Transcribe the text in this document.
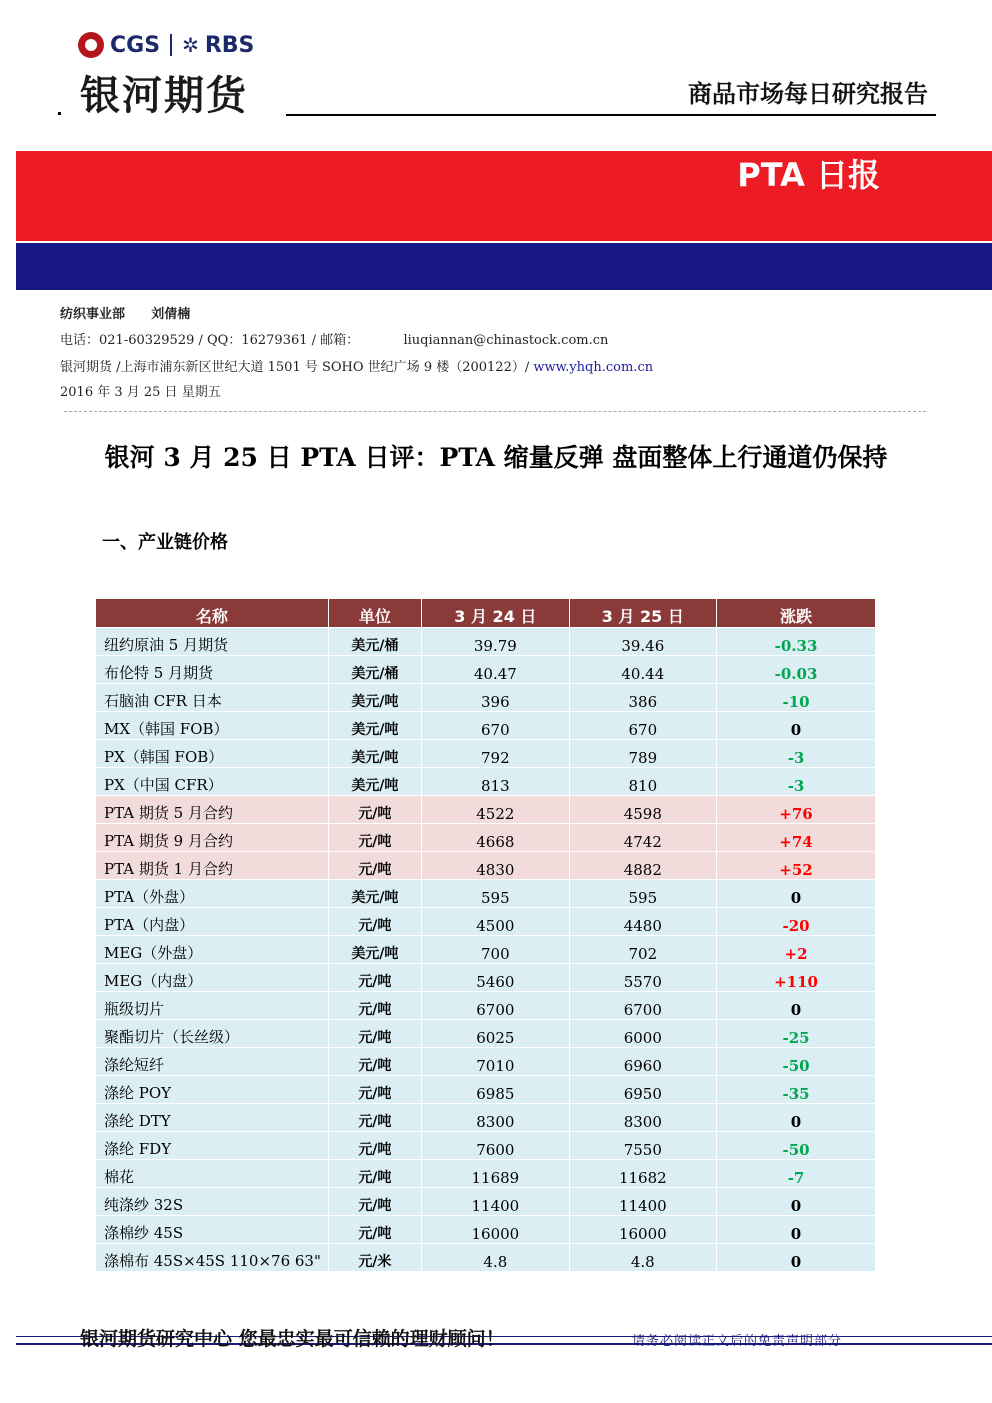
CGS ✲ RBS
银河期货	商品市场每日研究报告
PTA 日报
纺织事业部 刘倩楠
电话：021-60329529 / QQ：16279361 / 邮箱：	liuqiannan@chinastock.com.cn
银河期货 /上海市浦东新区世纪大道 1501 号 SOHO 世纪广场 9 楼（200122）/ www.yhqh.com.cn
2016 年 3 月 25 日 星期五
银河 3 月 25 日 PTA 日评：PTA 缩量反弹 盘面整体上行通道仍保持
一、产业链价格
名称	单位	3 月 24 日	3 月 25 日	涨跌
纽约原油 5 月期货	美元/桶	39.79	39.46	-0.33
布伦特 5 月期货	美元/桶	40.47	40.44	-0.03
石脑油 CFR 日本	美元/吨	396	386	-10
MX（韩国 FOB）	美元/吨	670	670	0
PX（韩国 FOB）	美元/吨	792	789	-3
PX（中国 CFR）	美元/吨	813	810	-3
PTA 期货 5 月合约	元/吨	4522	4598	+76
PTA 期货 9 月合约	元/吨	4668	4742	+74
PTA 期货 1 月合约	元/吨	4830	4882	+52
PTA（外盘）	美元/吨	595	595	0
PTA（内盘）	元/吨	4500	4480	-20
MEG（外盘）	美元/吨	700	702	+2
MEG（内盘）	元/吨	5460	5570	+110
瓶级切片	元/吨	6700	6700	0
聚酯切片（长丝级）	元/吨	6025	6000	-25
涤纶短纤	元/吨	7010	6960	-50
涤纶 POY	元/吨	6985	6950	-35
涤纶 DTY	元/吨	8300	8300	0
涤纶 FDY	元/吨	7600	7550	-50
棉花	元/吨	11689	11682	-7
纯涤纱 32S	元/吨	11400	11400	0
涤棉纱 45S	元/吨	16000	16000	0
涤棉布 45S×45S 110×76 63"	元/米	4.8	4.8	0
银河期货研究中心 您最忠实最可信赖的理财顾问！	请务必阅读正文后的免责声明部分
